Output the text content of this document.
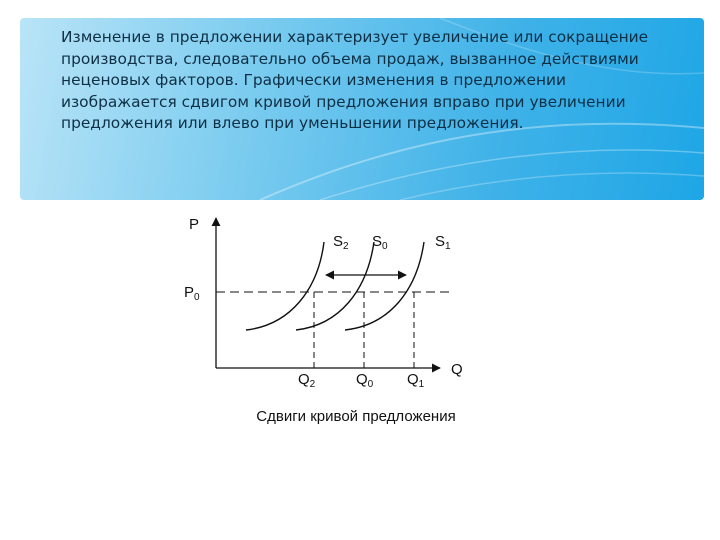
Изменение в предложении характеризует увеличение или сокращение производства, следовательно объема продаж, вызванное действиями неценовых факторов. Графически изменения в предложении изображается сдвигом кривой предложения вправо при увеличении предложения или влево при уменьшении предложения.

P
Q
$P_0$
$S_2$ $S_0$	$S_1$
$Q_2$	$Q_0$ $Q_1$
Сдвиги кривой предложения
